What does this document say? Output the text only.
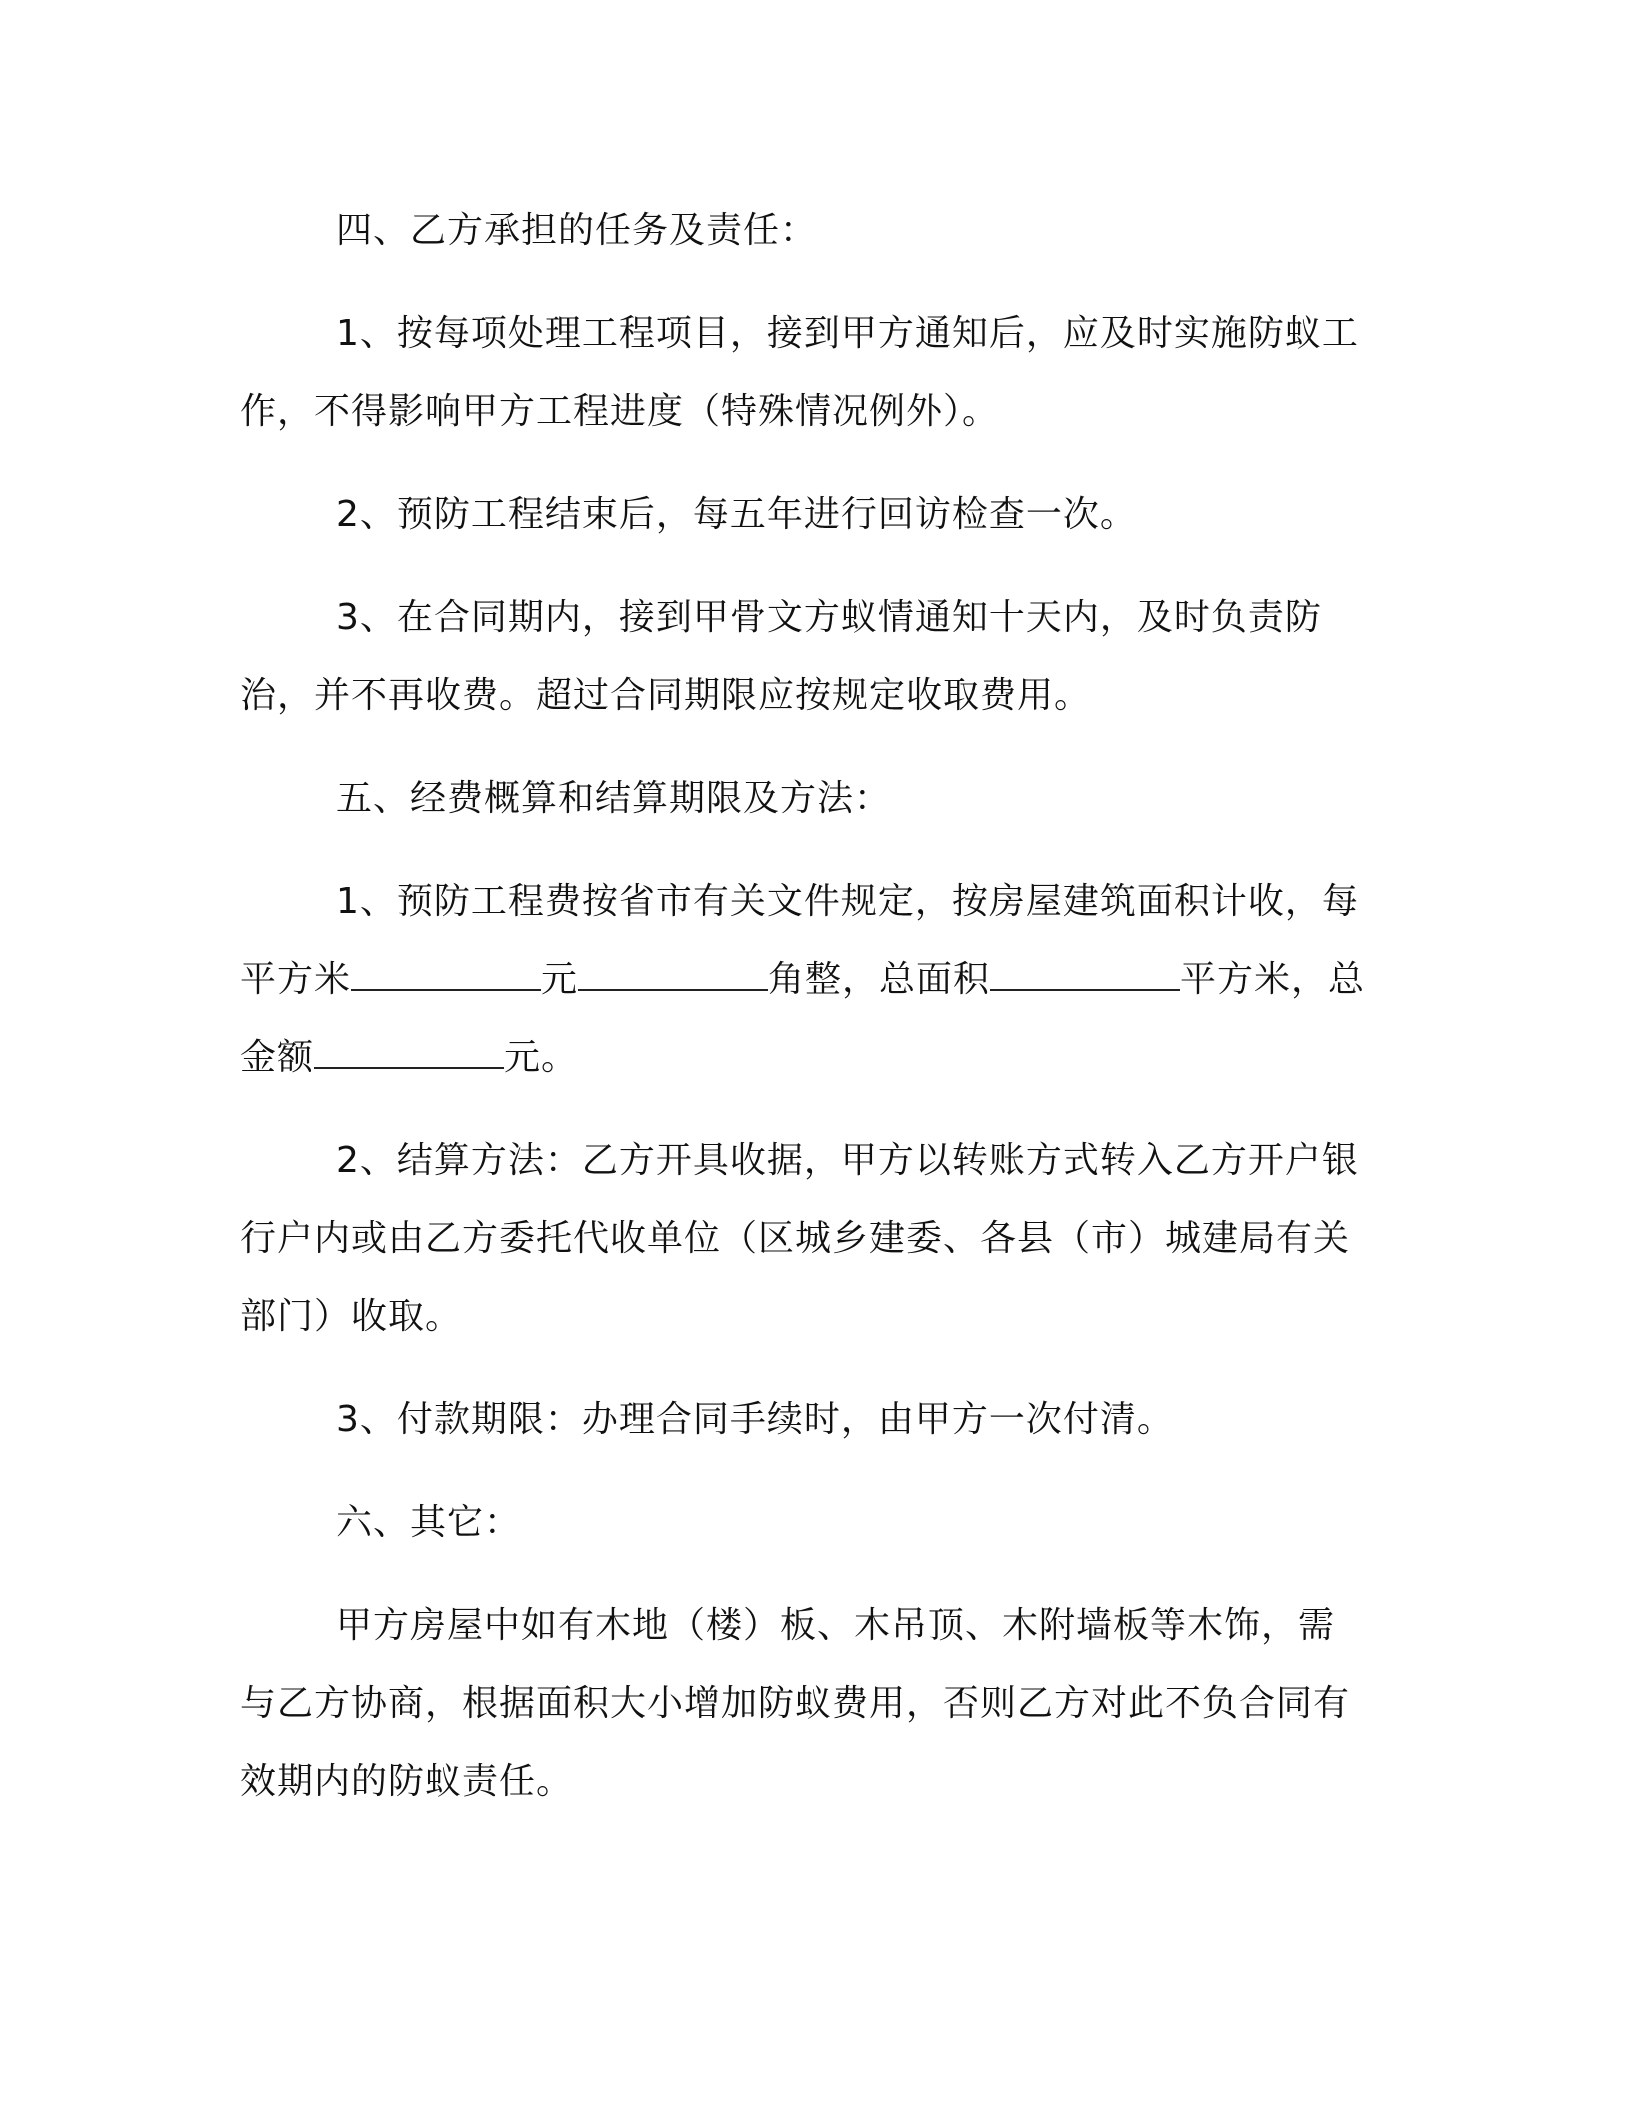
四、乙方承担的任务及责任：

1、按每项处理工程项目，接到甲方通知后，应及时实施防蚁工作，不得影响甲方工程进度（特殊情况例外）。

2、预防工程结束后，每五年进行回访检查一次。

3、在合同期内，接到甲骨文方蚁情通知十天内，及时负责防治，并不再收费。超过合同期限应按规定收取费用。

五、经费概算和结算期限及方法：

1、预防工程费按省市有关文件规定，按房屋建筑面积计收，每平方米	元	角整，总面积	平方米，总金额	元。

2、结算方法：乙方开具收据，甲方以转账方式转入乙方开户银行户内或由乙方委托代收单位（区城乡建委、各县（市）城建局有关部门）收取。

3、付款期限：办理合同手续时，由甲方一次付清。

六、其它：

甲方房屋中如有木地（楼）板、木吊顶、木附墙板等木饰，需与乙方协商，根据面积大小增加防蚁费用，否则乙方对此不负合同有效期内的防蚁责任。
